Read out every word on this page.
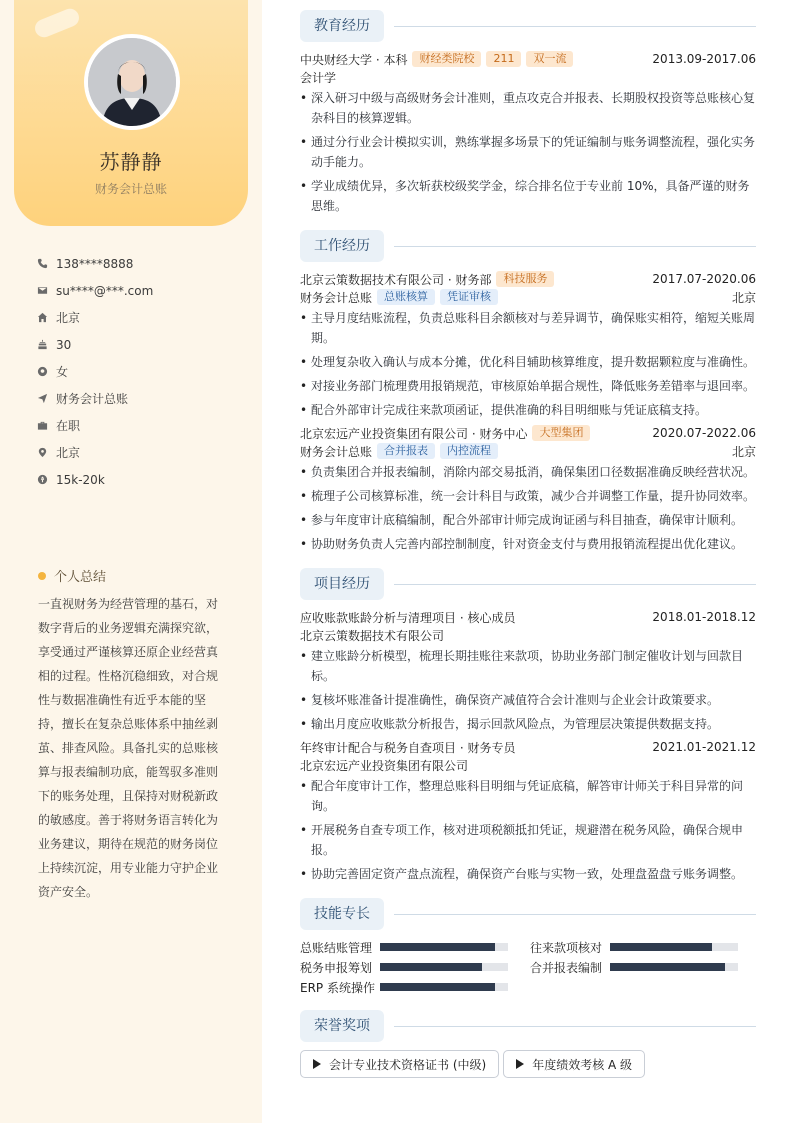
苏静静
财务会计总账
138****8888
su****@***.com
北京
30
女
财务会计总账
在职
北京
15k-20k
个人总结

一直视财务为经营管理的基石，对数字背后的业务逻辑充满探究欲，享受通过严谨核算还原企业经营真相的过程。性格沉稳细致，对合规性与数据准确性有近乎本能的坚持，擅长在复杂总账体系中抽丝剥茧、排查风险。具备扎实的总账核算与报表编制功底，能驾驭多准则下的账务处理，且保持对财税新政的敏感度。善于将财务语言转化为业务建议，期待在规范的财务岗位上持续沉淀，用专业能力守护企业资产安全。

教育经历
中央财经大学 · 本科	财经类院校	211	双一流	2013.09-2017.06
会计学
• 深入研习中级与高级财务会计准则，重点攻克合并报表、长期股权投资等总账核心复杂科目的核算逻辑。
• 通过分行业会计模拟实训，熟练掌握多场景下的凭证编制与账务调整流程，强化实务动手能力。
• 学业成绩优异，多次斩获校级奖学金，综合排名位于专业前 10%，具备严谨的财务思维。
工作经历
北京云策数据技术有限公司 · 财务部	科技服务	2017.07-2020.06
财务会计总账	总账核算	凭证审核	北京
• 主导月度结账流程，负责总账科目余额核对与差异调节，确保账实相符，缩短关账周期。
• 处理复杂收入确认与成本分摊，优化科目辅助核算维度，提升数据颗粒度与准确性。
• 对接业务部门梳理费用报销规范，审核原始单据合规性，降低账务差错率与退回率。
• 配合外部审计完成往来款项函证，提供准确的科目明细账与凭证底稿支持。
北京宏远产业投资集团有限公司 · 财务中心	大型集团	2020.07-2022.06
财务会计总账	合并报表	内控流程	北京
• 负责集团合并报表编制，消除内部交易抵消，确保集团口径数据准确反映经营状况。
• 梳理子公司核算标准，统一会计科目与政策，减少合并调整工作量，提升协同效率。
• 参与年度审计底稿编制，配合外部审计师完成询证函与科目抽查，确保审计顺利。
• 协助财务负责人完善内部控制制度，针对资金支付与费用报销流程提出优化建议。
项目经历
应收账款账龄分析与清理项目 · 核心成员	2018.01-2018.12
北京云策数据技术有限公司
• 建立账龄分析模型，梳理长期挂账往来款项，协助业务部门制定催收计划与回款目标。
• 复核坏账准备计提准确性，确保资产减值符合会计准则与企业会计政策要求。
• 输出月度应收账款分析报告，揭示回款风险点，为管理层决策提供数据支持。
年终审计配合与税务自查项目 · 财务专员	2021.01-2021.12
北京宏远产业投资集团有限公司
• 配合年度审计工作，整理总账科目明细与凭证底稿，解答审计师关于科目异常的问询。
• 开展税务自查专项工作，核对进项税额抵扣凭证，规避潜在税务风险，确保合规申报。
• 协助完善固定资产盘点流程，确保资产台账与实物一致，处理盘盈盘亏账务调整。
技能专长
总账结账管理	往来款项核对
税务申报筹划	合并报表编制
ERP 系统操作
荣誉奖项
会计专业技术资格证书 (中级)	年度绩效考核 A 级
